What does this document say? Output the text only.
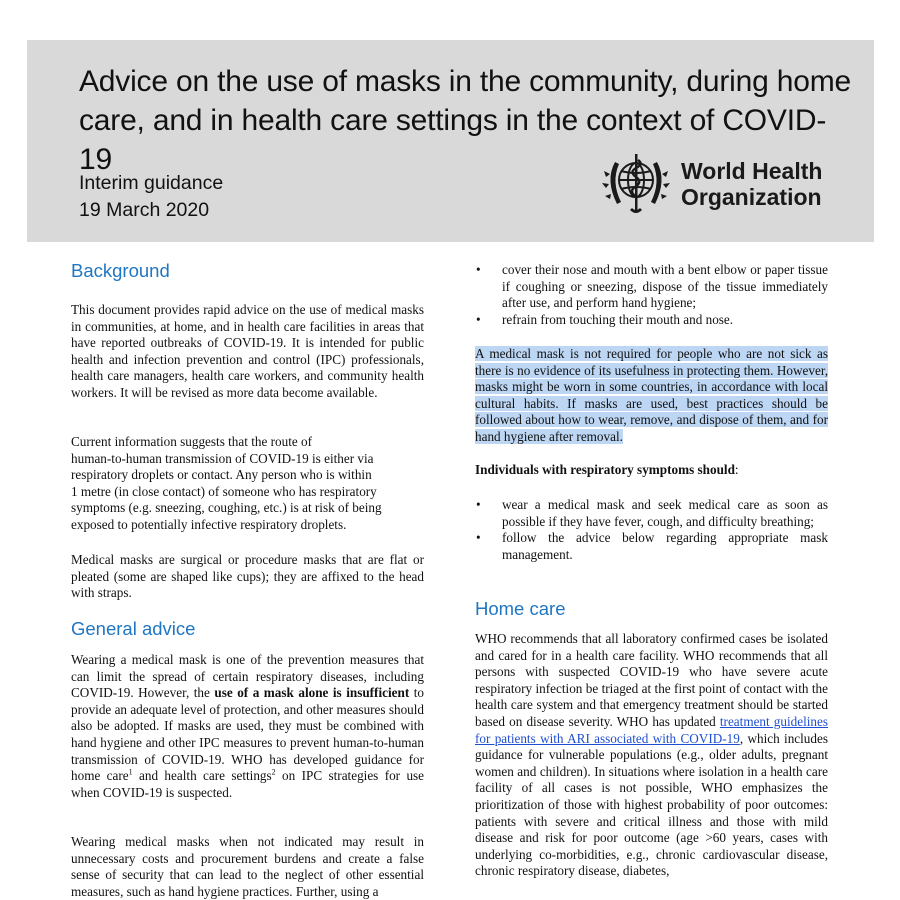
Advice on the use of masks in the community, during home care, and in health care settings in the context of COVID-19
Interim guidance
19 March 2020
World Health
Organization
Background

This document provides rapid advice on the use of medical masks in communities, at home, and in health care facilities in areas that have reported outbreaks of COVID-19. It is intended for public health and infection prevention and control (IPC) professionals, health care managers, health care workers, and community health workers. It will be revised as more data become available.

Current information suggests that the route of
human-to-human transmission of COVID-19 is either via
respiratory droplets or contact. Any person who is within
1 metre (in close contact) of someone who has respiratory
symptoms (e.g. sneezing, coughing, etc.) is at risk of being
exposed to potentially infective respiratory droplets.

Medical masks are surgical or procedure masks that are flat or pleated (some are shaped like cups); they are affixed to the head with straps.

General advice

Wearing a medical mask is one of the prevention measures that can limit the spread of certain respiratory diseases, including COVID-19. However, the use of a mask alone is insufficient to provide an adequate level of protection, and other measures should also be adopted. If masks are used, they must be combined with hand hygiene and other IPC measures to prevent human-to-human transmission of COVID-19. WHO has developed guidance for home care$^1$ and health care settings$^2$ on IPC strategies for use when COVID-19 is suspected.

Wearing medical masks when not indicated may result in unnecessary costs and procurement burdens and create a false sense of security that can lead to the neglect of other essential measures, such as hand hygiene practices. Further, using a

• cover their nose and mouth with a bent elbow or paper tissue if coughing or sneezing, dispose of the tissue immediately after use, and perform hand hygiene;
• refrain from touching their mouth and nose.

A medical mask is not required for people who are not sick as there is no evidence of its usefulness in protecting them. However, masks might be worn in some countries, in accordance with local cultural habits. If masks are used, best practices should be followed about how to wear, remove, and dispose of them, and for hand hygiene after removal.

Individuals with respiratory symptoms should:

• wear a medical mask and seek medical care as soon as possible if they have fever, cough, and difficulty breathing;
• follow the advice below regarding appropriate mask management.
Home care

WHO recommends that all laboratory confirmed cases be isolated and cared for in a health care facility. WHO recommends that all persons with suspected COVID-19 who have severe acute respiratory infection be triaged at the first point of contact with the health care system and that emergency treatment should be started based on disease severity. WHO has updated treatment guidelines for patients with ARI associated with COVID-19, which includes guidance for vulnerable populations (e.g., older adults, pregnant women and children). In situations where isolation in a health care facility of all cases is not possible, WHO emphasizes the prioritization of those with highest probability of poor outcomes: patients with severe and critical illness and those with mild disease and risk for poor outcome (age >60 years, cases with underlying co-morbidities, e.g., chronic cardiovascular disease, chronic respiratory disease, diabetes,
